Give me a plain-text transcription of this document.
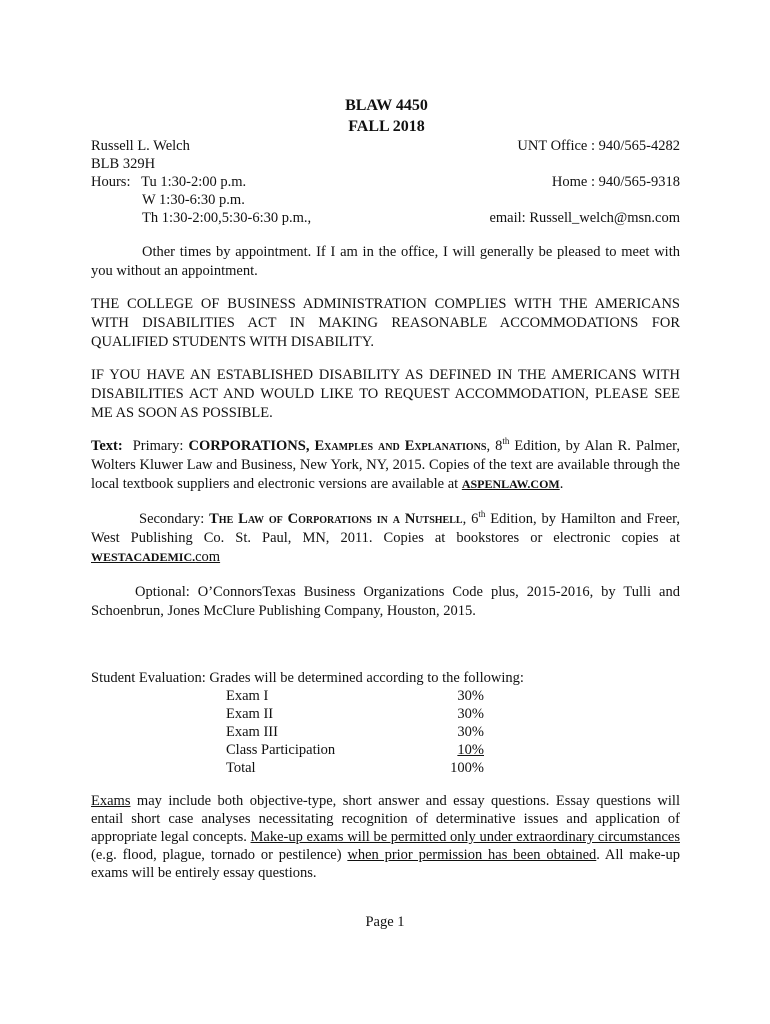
BLAW 4450
FALL 2018
Russell L. Welch
BLB 329H
Hours: Tu 1:30-2:00 p.m.
W 1:30-6:30 p.m.
Th 1:30-2:00,5:30-6:30 p.m.,
UNT Office : 940/565-4282

Home : 940/565-9318

email: Russell_welch@msn.com

Other times by appointment. If I am in the office, I will generally be pleased to meet with you without an appointment.

THE COLLEGE OF BUSINESS ADMINISTRATION COMPLIES WITH THE AMERICANS WITH DISABILITIES ACT IN MAKING REASONABLE ACCOMMODATIONS FOR QUALIFIED STUDENTS WITH DISABILITY.

IF YOU HAVE AN ESTABLISHED DISABILITY AS DEFINED IN THE AMERICANS WITH DISABILITIES ACT AND WOULD LIKE TO REQUEST ACCOMMODATION, PLEASE SEE ME AS SOON AS POSSIBLE.

Text: Primary: CORPORATIONS, Examples and Explanations, 8th Edition, by Alan R. Palmer, Wolters Kluwer Law and Business, New York, NY, 2015. Copies of the text are available through the local textbook suppliers and electronic versions are available at ASPENLAW.COM.

Secondary: The Law of Corporations in a Nutshell, 6th Edition, by Hamilton and Freer, West Publishing Co. St. Paul, MN, 2011. Copies at bookstores or electronic copies at WESTACADEMIC.com

Optional: O’ConnorsTexas Business Organizations Code plus, 2015-2016, by Tulli and Schoenbrun, Jones McClure Publishing Company, Houston, 2015.

Student Evaluation: Grades will be determined according to the following:
Exam I	30%
Exam II	30%
Exam III	30%
Class Participation	10%
Total	100%

Exams may include both objective-type, short answer and essay questions. Essay questions will entail short case analyses necessitating recognition of determinative issues and application of appropriate legal concepts. Make-up exams will be permitted only under extraordinary circumstances (e.g. flood, plague, tornado or pestilence) when prior permission has been obtained. All make-up exams will be entirely essay questions.

Page 1
